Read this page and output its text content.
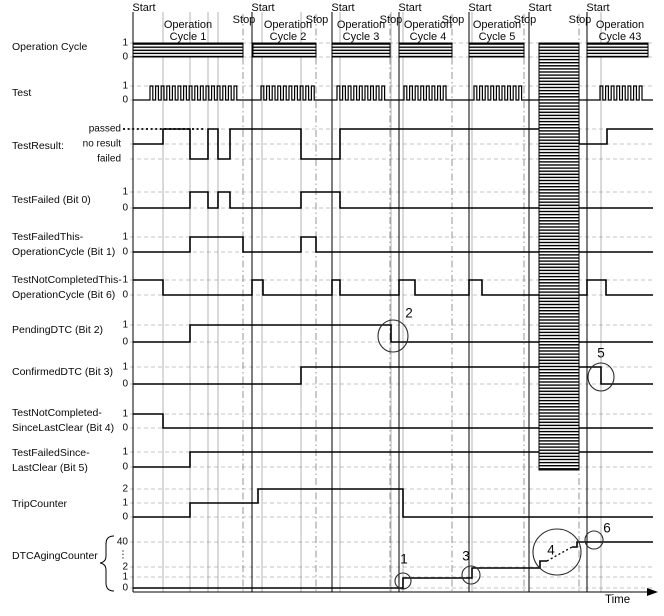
1
2
3	4
5
6
Start	Start	Start	Start	Start	Start	Start
Stop	Stop	Stop	Stop	Stop	Stop
Operation
Cycle 1
Operation
Cycle 2
Operation
Cycle 3
Operation
Cycle 4
Operation
Cycle 5
Operation
Cycle 43
Operation Cycle	1
0
Test
1
0
TestResult:
passed
no result
failed
TestFailed (Bit 0)
1
0
TestFailedThis-
OperationCycle (Bit 1)
1
0
TestNotCompletedThis-
OperationCycle (Bit 6)
1
0
PendingDTC (Bit 2) 1
0
ConfirmedDTC (Bit 3) 1
0
TestNotCompleted-
SinceLastClear (Bit 4)
1
0
TestFailedSince-
LastClear (Bit 5)
1
0
TripCounter
2
1
0
DTCAgingCounter
40
⋮
2
1
0
Time
